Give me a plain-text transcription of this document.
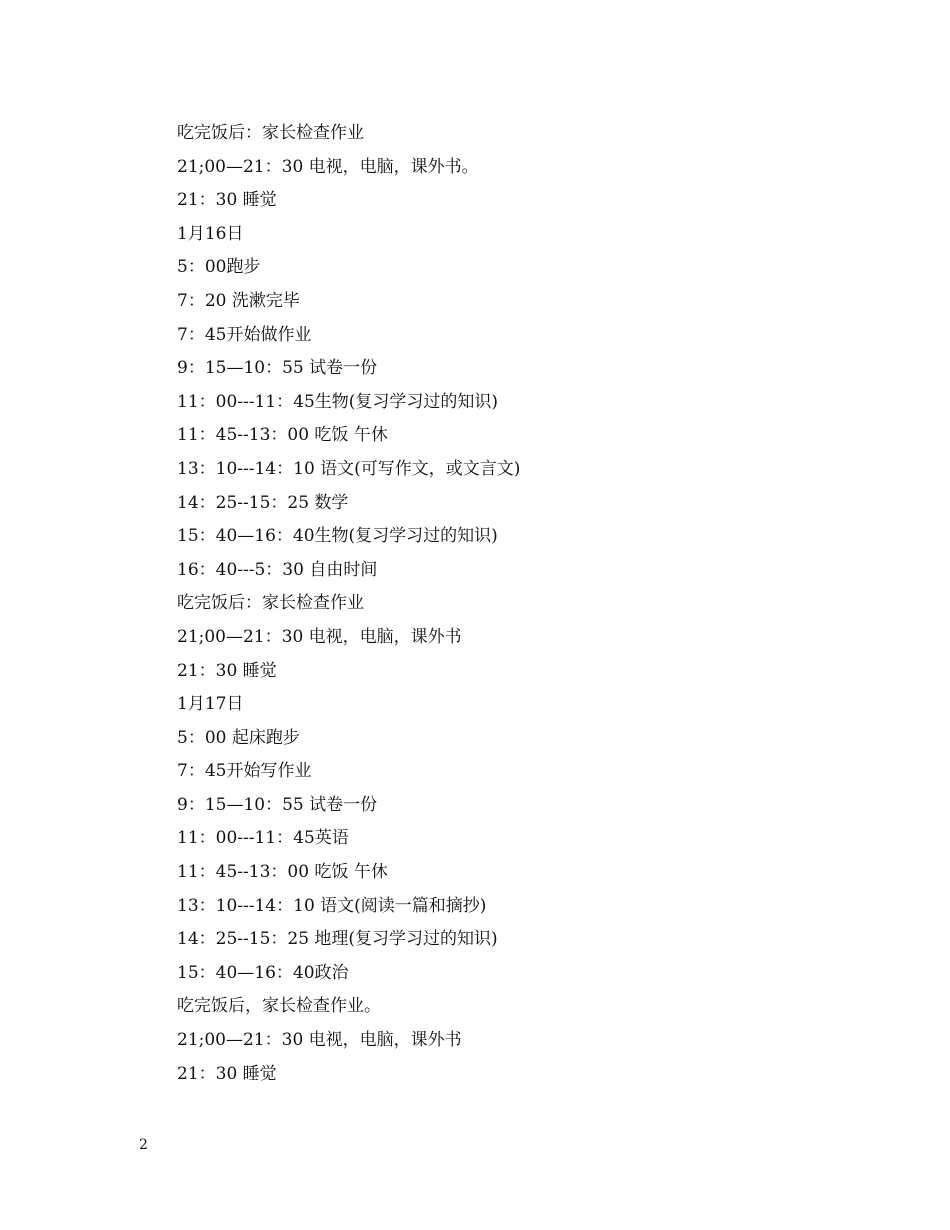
吃完饭后：家长检查作业
21;00—21：30 电视，电脑，课外书。
21：30 睡觉
1月16日
5：00跑步
7：20 洗漱完毕
7：45开始做作业
9：15—10：55 试卷一份
11：00---11：45生物(复习学习过的知识)
11：45--13：00 吃饭 午休
13：10---14：10 语文(可写作文，或文言文)
14：25--15：25 数学
15：40—16：40生物(复习学习过的知识)
16：40---5：30 自由时间
吃完饭后：家长检查作业
21;00—21：30 电视，电脑，课外书
21：30 睡觉
1月17日
5：00 起床跑步
7：45开始写作业
9：15—10：55 试卷一份
11：00---11：45英语
11：45--13：00 吃饭 午休
13：10---14：10 语文(阅读一篇和摘抄)
14：25--15：25 地理(复习学习过的知识)
15：40—16：40政治
吃完饭后，家长检查作业。
21;00—21：30 电视，电脑，课外书
21：30 睡觉
2
